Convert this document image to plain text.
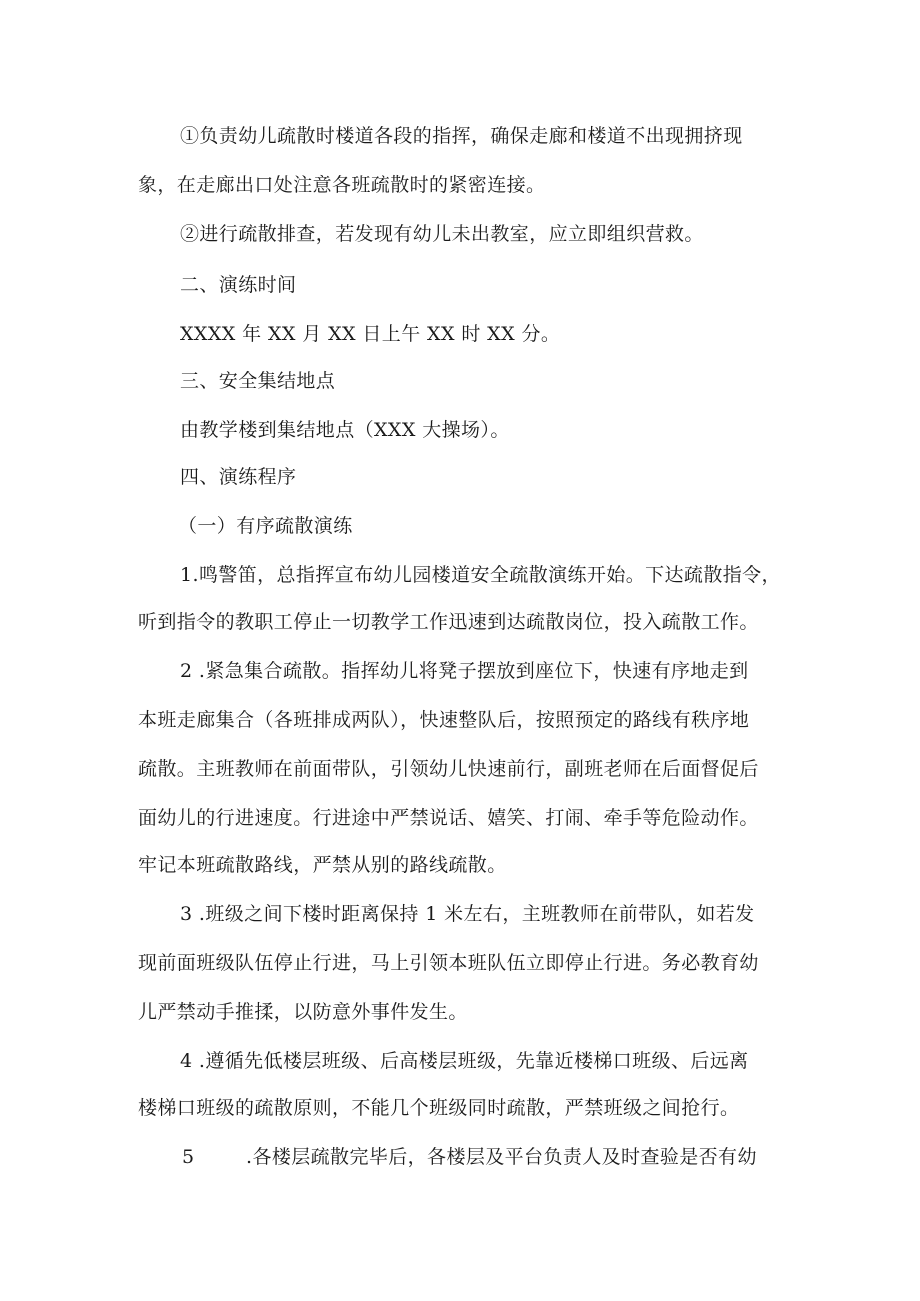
①负责幼儿疏散时楼道各段的指挥，确保走廊和楼道不出现拥挤现
象，在走廊出口处注意各班疏散时的紧密连接。
②进行疏散排查，若发现有幼儿未出教室，应立即组织营救。
二、演练时间
XXXX 年 XX 月 XX 日上午 XX 时 XX 分。
三、安全集结地点
由教学楼到集结地点（XXX 大操场）。
四、演练程序
（一）有序疏散演练
1.鸣警笛，总指挥宣布幼儿园楼道安全疏散演练开始。下达疏散指令，
听到指令的教职工停止一切教学工作迅速到达疏散岗位，投入疏散工作。
2 .紧急集合疏散。指挥幼儿将凳子摆放到座位下，快速有序地走到
本班走廊集合（各班排成两队），快速整队后，按照预定的路线有秩序地
疏散。主班教师在前面带队，引领幼儿快速前行，副班老师在后面督促后
面幼儿的行进速度。行进途中严禁说话、嬉笑、打闹、牵手等危险动作。
牢记本班疏散路线，严禁从别的路线疏散。
3 .班级之间下楼时距离保持 1 米左右，主班教师在前带队，如若发
现前面班级队伍停止行进，马上引领本班队伍立即停止行进。务必教育幼
儿严禁动手推揉，以防意外事件发生。
4 .遵循先低楼层班级、后高楼层班级，先靠近楼梯口班级、后远离
楼梯口班级的疏散原则，不能几个班级同时疏散，严禁班级之间抢行。
5	.各楼层疏散完毕后，各楼层及平台负责人及时查验是否有幼
